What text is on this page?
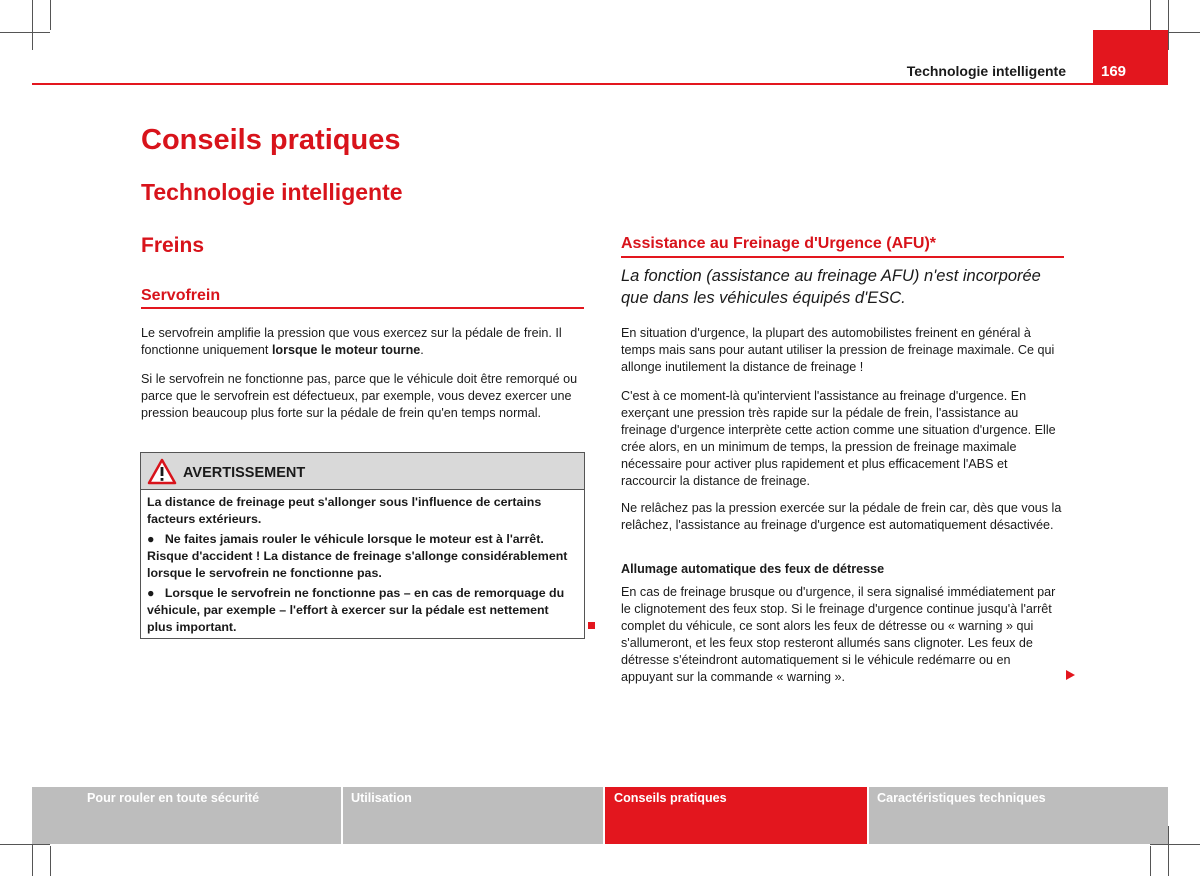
Technologie intelligente 169
Conseils pratiques
Technologie intelligente
Freins
Servofrein

Le servofrein amplifie la pression que vous exercez sur la pédale de frein. Il fonctionne uniquement lorsque le moteur tourne.

Si le servofrein ne fonctionne pas, parce que le véhicule doit être remorqué ou parce que le servofrein est défectueux, par exemple, vous devez exercer une pression beaucoup plus forte sur la pédale de frein qu'en temps normal.

AVERTISSEMENT

La distance de freinage peut s'allonger sous l'influence de certains facteurs extérieurs.

● Ne faites jamais rouler le véhicule lorsque le moteur est à l'arrêt. Risque d'accident ! La distance de freinage s'allonge considérablement lorsque le servofrein ne fonctionne pas.

● Lorsque le servofrein ne fonctionne pas – en cas de remorquage du véhicule, par exemple – l'effort à exercer sur la pédale est nettement plus important.

Assistance au Freinage d'Urgence (AFU)*

La fonction (assistance au freinage AFU) n'est incorporée que dans les véhicules équipés d'ESC.

En situation d'urgence, la plupart des automobilistes freinent en général à temps mais sans pour autant utiliser la pression de freinage maximale. Ce qui allonge inutilement la distance de freinage !

C'est à ce moment-là qu'intervient l'assistance au freinage d'urgence. En exerçant une pression très rapide sur la pédale de frein, l'assistance au freinage d'urgence interprète cette action comme une situation d'urgence. Elle crée alors, en un minimum de temps, la pression de freinage maximale nécessaire pour activer plus rapidement et plus efficacement l'ABS et raccourcir la distance de freinage.

Ne relâchez pas la pression exercée sur la pédale de frein car, dès que vous la relâchez, l'assistance au freinage d'urgence est automatiquement désactivée.

Allumage automatique des feux de détresse

En cas de freinage brusque ou d'urgence, il sera signalisé immédiatement par le clignotement des feux stop. Si le freinage d'urgence continue jusqu'à l'arrêt complet du véhicule, ce sont alors les feux de détresse ou « warning » qui s'allumeront, et les feux stop resteront allumés sans clignoter. Les feux de détresse s'éteindront automatiquement si le véhicule redémarre ou en appuyant sur la commande « warning ».

Pour rouler en toute sécurité	Utilisation	Conseils pratiques	Caractéristiques techniques
